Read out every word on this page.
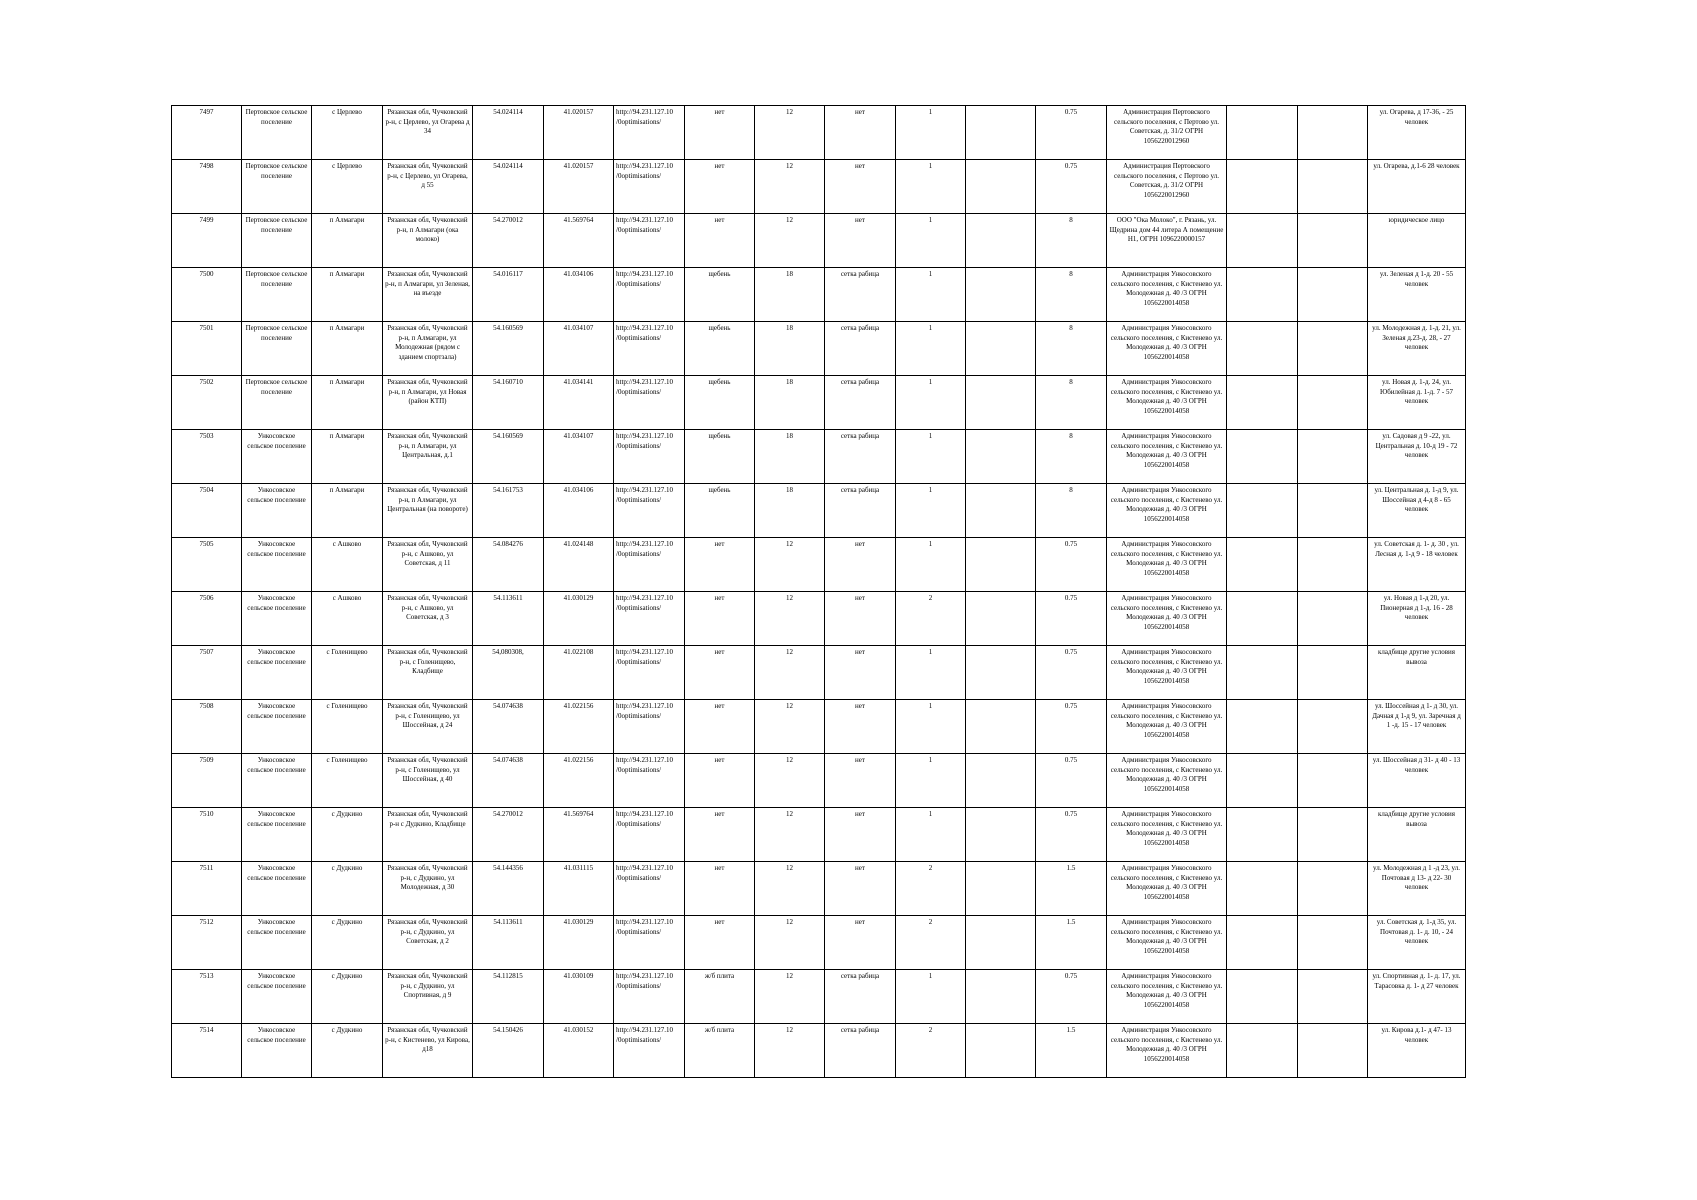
7497	Пертовское сельское поселение	с Церлево	Рязанская обл, Чучковский р-н, с Церлево, ул Огарева д 34	54.024114	41.020157	http://94.231.127.10 /0optimisations/	нет	12	нет	1		0.75	Администрация Пертовского сельского поселения, с Пертово ул. Советская, д. 31/2 ОГРН 1056220012960			ул. Огарева, д 17-36, - 25 человек
7498	Пертовское сельское поселение	с Церлево	Рязанская обл, Чучковский р-н, с Церлево, ул Огарева, д 55	54.024114	41.020157	http://94.231.127.10 /0optimisations/	нет	12	нет	1		0.75	Администрация Пертовского сельского поселения, с Пертово ул. Советская, д. 31/2 ОГРН 1056220012960			ул. Огарева, д.1-6 28 человек
7499	Пертовское сельское поселение	п Алмагари	Рязанская обл, Чучковский р-н, п Алмагари (ока молоко)	54.270012	41.569764	http://94.231.127.10 /0optimisations/	нет	12	нет	1		8	ООО "Ока Молоко", г. Рязань, ул. Щедрина дом 44 литера А помещение Н1, ОГРН 1096220000157			юридическое лицо
7500	Пертовское сельское поселение	п Алмагари	Рязанская обл, Чучковский р-н, п Алмагари, ул Зеленая, на въезде	54.016117	41.034106	http://94.231.127.10 /0optimisations/	щебень	18	сетка рабица	1		8	Администрация Ункосовского сельского поселения, с Кистенево ул. Молодежная д. 40 /3 ОГРН 1056220014058			ул. Зеленая д 1-д. 20 - 55 человек
7501	Пертовское сельское поселение	п Алмагари	Рязанская обл, Чучковский р-н, п Алмагари, ул Молодежная (рядом с зданием спортзала)	54.160569	41.034107	http://94.231.127.10 /0optimisations/	щебень	18	сетка рабица	1		8	Администрация Ункосовского сельского поселения, с Кистенево ул. Молодежная д. 40 /3 ОГРН 1056220014058			ул. Молодежная д. 1-д. 21, ул. Зеленая д.23-д. 28, - 27 человек
7502	Пертовское сельское поселение	п Алмагари	Рязанская обл, Чучковский р-н, п Алмагари, ул Новая (район КТП)	54.160710	41.034141	http://94.231.127.10 /0optimisations/	щебень	18	сетка рабица	1		8	Администрация Ункосовского сельского поселения, с Кистенево ул. Молодежная д. 40 /3 ОГРН 1056220014058			ул. Новая д. 1-д. 24, ул. Юбилейная д. 1-д. 7 - 57 человек
7503	Ункосовское сельское поселение	п Алмагари	Рязанская обл, Чучковский р-н, п Алмагари, ул Центральная, д.1	54.160569	41.034107	http://94.231.127.10 /0optimisations/	щебень	18	сетка рабица	1		8	Администрация Ункосовского сельского поселения, с Кистенево ул. Молодежная д. 40 /3 ОГРН 1056220014058			ул. Садовая д 9 -22, ул. Центральная д. 10-д 19 - 72 человек
7504	Ункосовское сельское поселение	п Алмагари	Рязанская обл, Чучковский р-н, п Алмагари, ул Центральная (на повороте)	54.161753	41.034106	http://94.231.127.10 /0optimisations/	щебень	18	сетка рабица	1		8	Администрация Ункосовского сельского поселения, с Кистенево ул. Молодежная д. 40 /3 ОГРН 1056220014058			ул. Центральная д. 1-д 9, ул. Шоссейная д 4-д 8 - 65 человек
7505	Ункосовское сельское поселение	с Ашково	Рязанская обл, Чучковский р-н, с Ашково, ул Советская, д 11	54.084276	41.024148	http://94.231.127.10 /0optimisations/	нет	12	нет	1		0.75	Администрация Ункосовского сельского поселения, с Кистенево ул. Молодежная д. 40 /3 ОГРН 1056220014058			ул. Советская д. 1- д. 30 , ул. Лесная д. 1-д 9 - 18 человек
7506	Ункосовское сельское поселение	с Ашково	Рязанская обл, Чучковский р-н, с Ашково, ул Советская, д 3	54.113611	41.030129	http://94.231.127.10 /0optimisations/	нет	12	нет	2		0.75	Администрация Ункосовского сельского поселения, с Кистенево ул. Молодежная д. 40 /3 ОГРН 1056220014058			ул. Новая д 1-д 20, ул. Пионерная д 1-д. 16 - 28 человек
7507	Ункосовское сельское поселение	с Голенищево	Рязанская обл, Чучковский р-н, с Голенищево, Кладбище	54,080308,	41.022108	http://94.231.127.10 /0optimisations/	нет	12	нет	1		0.75	Администрация Ункосовского сельского поселения, с Кистенево ул. Молодежная д. 40 /3 ОГРН 1056220014058			кладбище другие условия вывоза
7508	Ункосовское сельское поселение	с Голенищево	Рязанская обл, Чучковский р-н, с Голенищево, ул Шоссейная, д 24	54.074638	41.022156	http://94.231.127.10 /0optimisations/	нет	12	нет	1		0.75	Администрация Ункосовского сельского поселения, с Кистенево ул. Молодежная д. 40 /3 ОГРН 1056220014058			ул. Шоссейная д 1- д 30, ул. Дачная д 1-д 9, ул. Заречная д 1 -д. 15 - 17 человек
7509	Ункосовское сельское поселение	с Голенищево	Рязанская обл, Чучковский р-н, с Голенищево, ул Шоссейная, д 40	54.074638	41.022156	http://94.231.127.10 /0optimisations/	нет	12	нет	1		0.75	Администрация Ункосовского сельского поселения, с Кистенево ул. Молодежная д. 40 /3 ОГРН 1056220014058			ул. Шоссейная д 31- д 40 - 13 человек
7510	Ункосовское сельское поселение	с Дудкино	Рязанская обл, Чучковский р-н с Дудкино, Кладбище	54.270012	41.569764	http://94.231.127.10 /0optimisations/	нет	12	нет	1		0.75	Администрация Ункосовского сельского поселения, с Кистенево ул. Молодежная д. 40 /3 ОГРН 1056220014058			кладбище другие условия вывоза
7511	Ункосовское сельское поселение	с Дудкино	Рязанская обл, Чучковский р-н, с Дудкино, ул Молодежная, д 30	54.144356	41.031115	http://94.231.127.10 /0optimisations/	нет	12	нет	2		1.5	Администрация Ункосовского сельского поселения, с Кистенево ул. Молодежная д. 40 /3 ОГРН 1056220014058			ул. Молодежная д 1 -д 23, ул. Почтовая д 13- д 22- 30 человек
7512	Ункосовское сельское поселение	с Дудкино	Рязанская обл, Чучковский р-н, с Дудкино, ул Советская, д 2	54.113611	41.030129	http://94.231.127.10 /0optimisations/	нет	12	нет	2		1.5	Администрация Ункосовского сельского поселения, с Кистенево ул. Молодежная д. 40 /3 ОГРН 1056220014058			ул. Советская д. 1-д 35, ул. Почтовая д. 1- д. 10, - 24 человек
7513	Ункосовское сельское поселение	с Дудкино	Рязанская обл, Чучковский р-н, с Дудкино, ул Спортивная, д 9	54.112815	41.030109	http://94.231.127.10 /0optimisations/	ж/б плита	12	сетка рабица	1		0.75	Администрация Ункосовского сельского поселения, с Кистенево ул. Молодежная д. 40 /3 ОГРН 1056220014058			ул. Спортивная д. 1- д. 17, ул. Тарасовка д. 1- д 27 человек
7514	Ункосовское сельское поселение	с Дудкино	Рязанская обл, Чучковский р-н, с Кистенево, ул Кирова, д18	54.150426	41.030152	http://94.231.127.10 /0optimisations/	ж/б плита	12	сетка рабица	2		1.5	Администрация Ункосовского сельского поселения, с Кистенево ул. Молодежная д. 40 /3 ОГРН 1056220014058			ул. Кирова д.1- д 47- 13 человек
